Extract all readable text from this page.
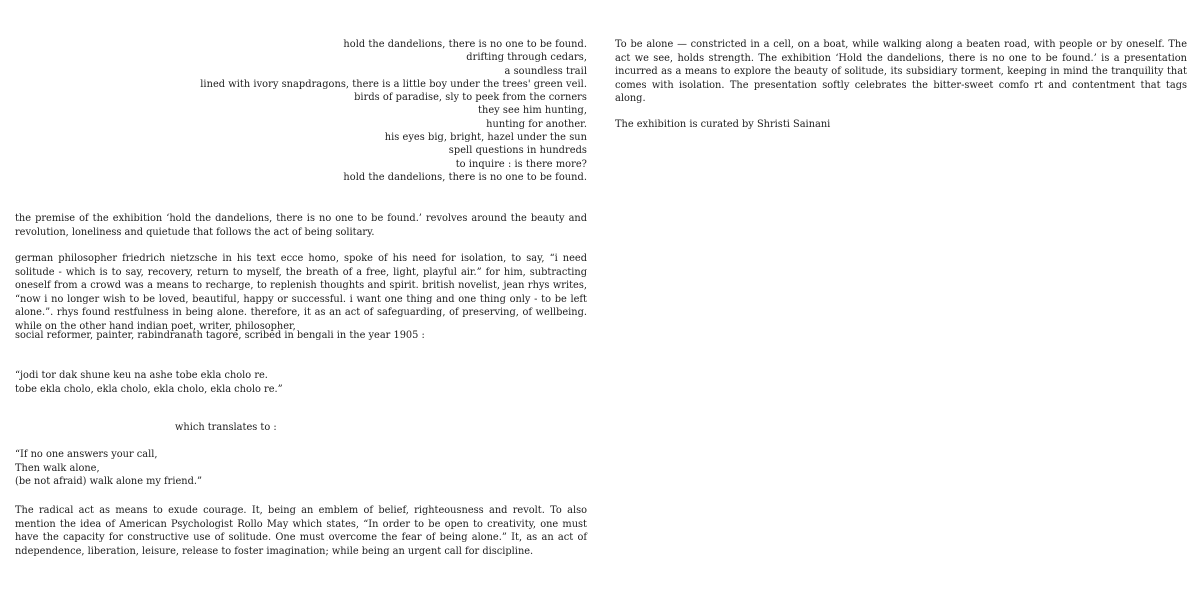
hold the dandelions, there is no one to be found.
drifting through cedars,
a soundless trail
lined with ivory snapdragons, there is a little boy under the trees' green veil.
birds of paradise, sly to peek from the corners
they see him hunting,
hunting for another.
his eyes big, bright, hazel under the sun
spell questions in hundreds
to inquire : is there more?
hold the dandelions, there is no one to be found.

the premise of the exhibition ‘hold the dandelions, there is no one to be found.’ revolves around the beauty and revolution, loneliness and quietude that follows the act of being solitary.

german philosopher friedrich nietzsche in his text ecce homo, spoke of his need for isolation, to say, “i need solitude - which is to say, recovery, return to myself, the breath of a free, light, playful air.” for him, subtracting oneself from a crowd was a means to recharge, to replenish thoughts and spirit. british novelist, jean rhys writes, “now i no longer wish to be loved, beautiful, happy or successful. i want one thing and one thing only - to be left alone.”. rhys found restfulness in being alone. therefore, it as an act of safeguarding, of preserving, of wellbeing. while on the other hand indian poet, writer, philosopher,

social reformer, painter, rabindranath tagore, scribed in bengali in the year 1905 :

“jodi tor dak shune keu na ashe tobe ekla cholo re.
tobe ekla cholo, ekla cholo, ekla cholo, ekla cholo re.”

which translates to :

“If no one answers your call,
Then walk alone,
(be not afraid) walk alone my friend.”

The radical act as means to exude courage. It, being an emblem of belief, righteousness and revolt. To also mention the idea of American Psychologist Rollo May which states, “In order to be open to creativity, one must have the capacity for constructive use of solitude. One must overcome the fear of being alone.” It, as an act of ndependence, liberation, leisure, release to foster imagination; while being an urgent call for discipline.

To be alone — constricted in a cell, on a boat, while walking along a beaten road, with people or by oneself. The act we see, holds strength. The exhibition ‘Hold the dandelions, there is no one to be found.’ is a presentation incurred as a means to explore the beauty of solitude, its subsidiary torment, keeping in mind the tranquility that comes with isolation. The presentation softly celebrates the bitter-sweet comfo rt and contentment that tags along.

The exhibition is curated by Shristi Sainani
